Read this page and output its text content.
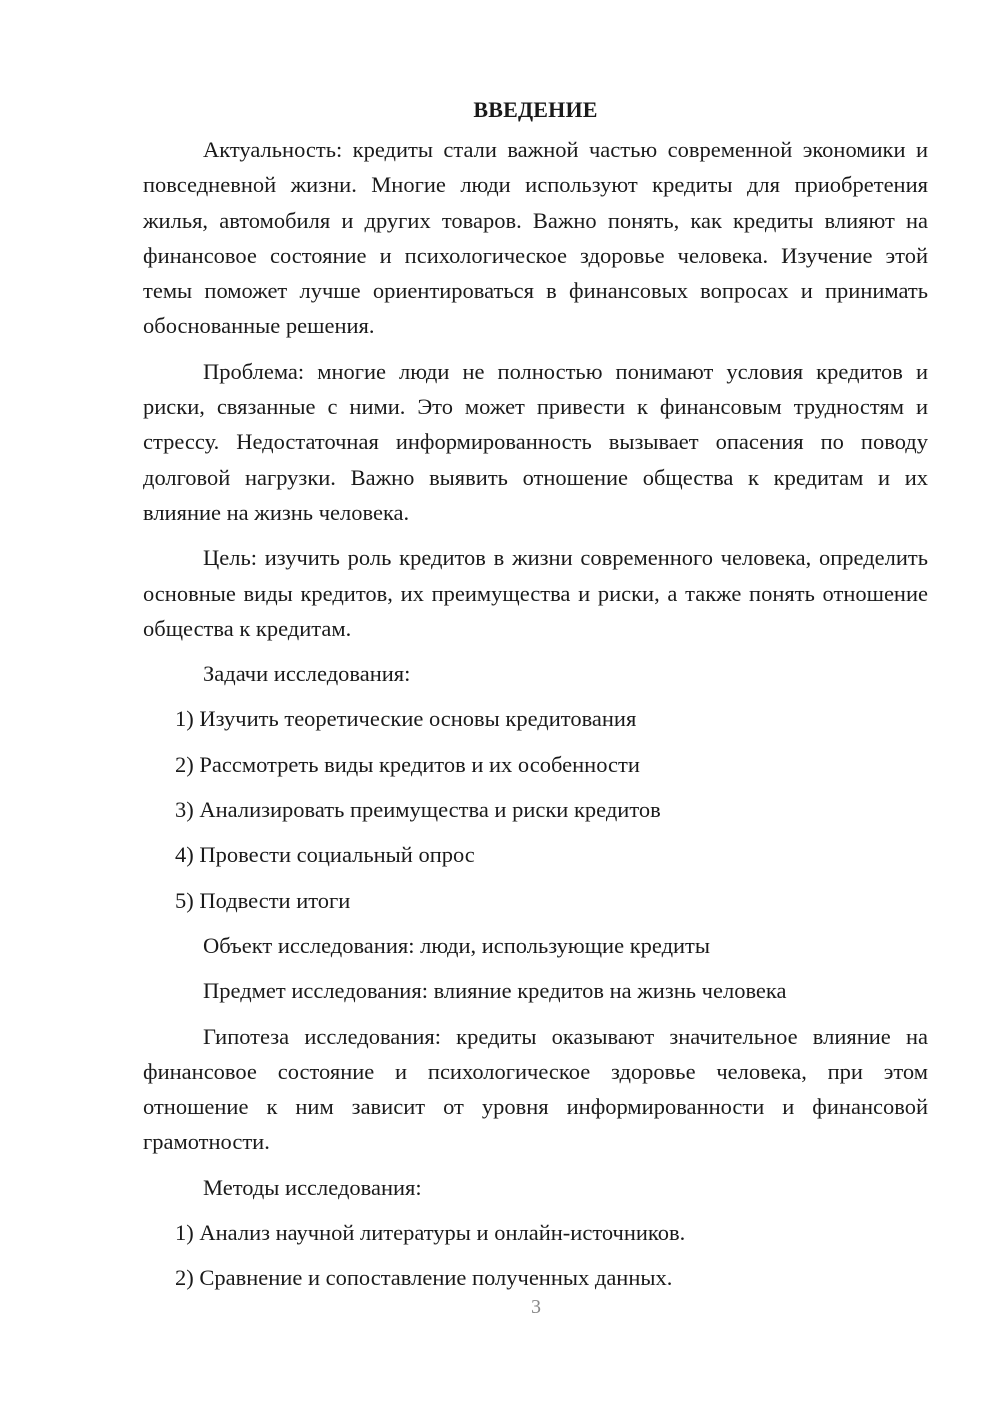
ВВЕДЕНИЕ

Актуальность: кредиты стали важной частью современной экономики и повседневной жизни. Многие люди используют кредиты для приобретения жилья, автомобиля и других товаров. Важно понять, как кредиты влияют на финансовое состояние и психологическое здоровье человека. Изучение этой темы поможет лучше ориентироваться в финансовых вопросах и принимать обоснованные решения.

Проблема: многие люди не полностью понимают условия кредитов и риски, связанные с ними. Это может привести к финансовым трудностям и стрессу. Недостаточная информированность вызывает опасения по поводу долговой нагрузки. Важно выявить отношение общества к кредитам и их влияние на жизнь человека.

Цель: изучить роль кредитов в жизни современного человека, определить основные виды кредитов, их преимущества и риски, а также понять отношение общества к кредитам.

Задачи исследования:

1) Изучить теоретические основы кредитования
2) Рассмотреть виды кредитов и их особенности
3) Анализировать преимущества и риски кредитов
4) Провести социальный опрос
5) Подвести итоги

Объект исследования: люди, использующие кредиты

Предмет исследования: влияние кредитов на жизнь человека

Гипотеза исследования: кредиты оказывают значительное влияние на финансовое состояние и психологическое здоровье человека, при этом отношение к ним зависит от уровня информированности и финансовой грамотности.

Методы исследования:

1) Анализ научной литературы и онлайн-источников.
2) Сравнение и сопоставление полученных данных.
3
